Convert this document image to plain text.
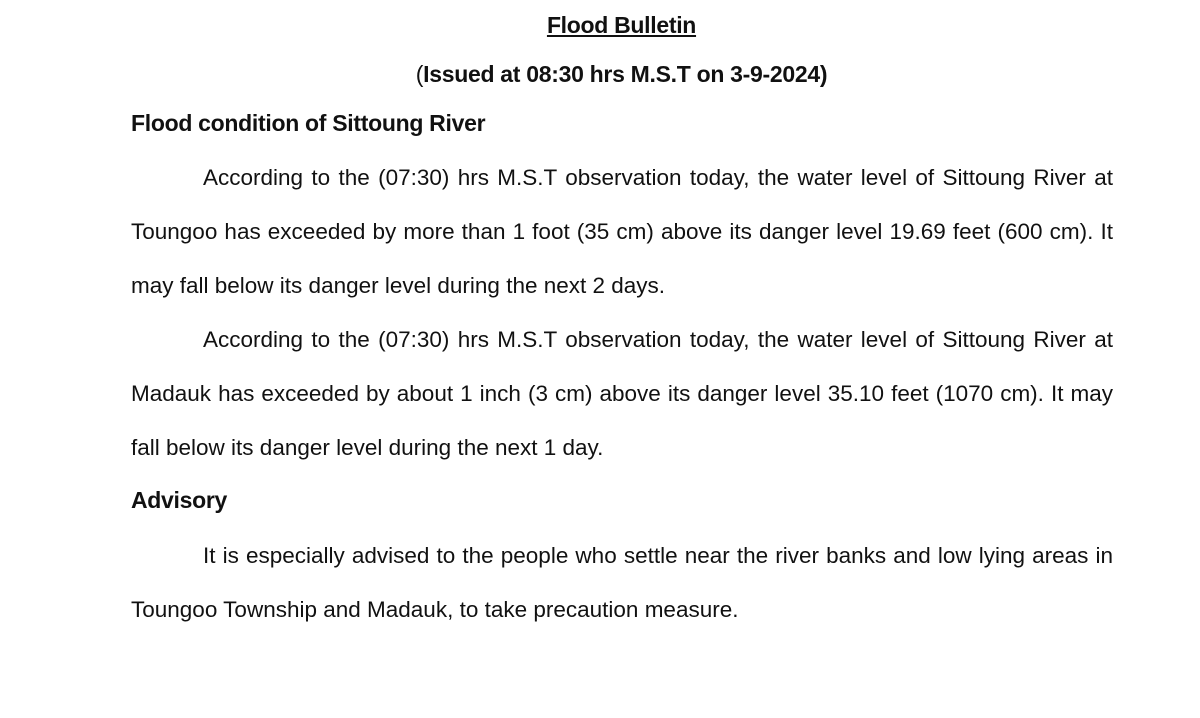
Flood Bulletin
(Issued at 08:30 hrs M.S.T on 3-9-2024)
Flood condition of Sittoung River

According to the (07:30) hrs M.S.T observation today, the water level of Sittoung River at Toungoo has exceeded by more than 1 foot (35 cm) above its danger level 19.69 feet (600 cm). It may fall below its danger level during the next 2 days.

According to the (07:30) hrs M.S.T observation today, the water level of Sittoung River at Madauk has exceeded by about 1 inch (3 cm) above its danger level 35.10 feet (1070 cm). It may fall below its danger level during the next 1 day.

Advisory

It is especially advised to the people who settle near the river banks and low lying areas in Toungoo Township and Madauk, to take precaution measure.
